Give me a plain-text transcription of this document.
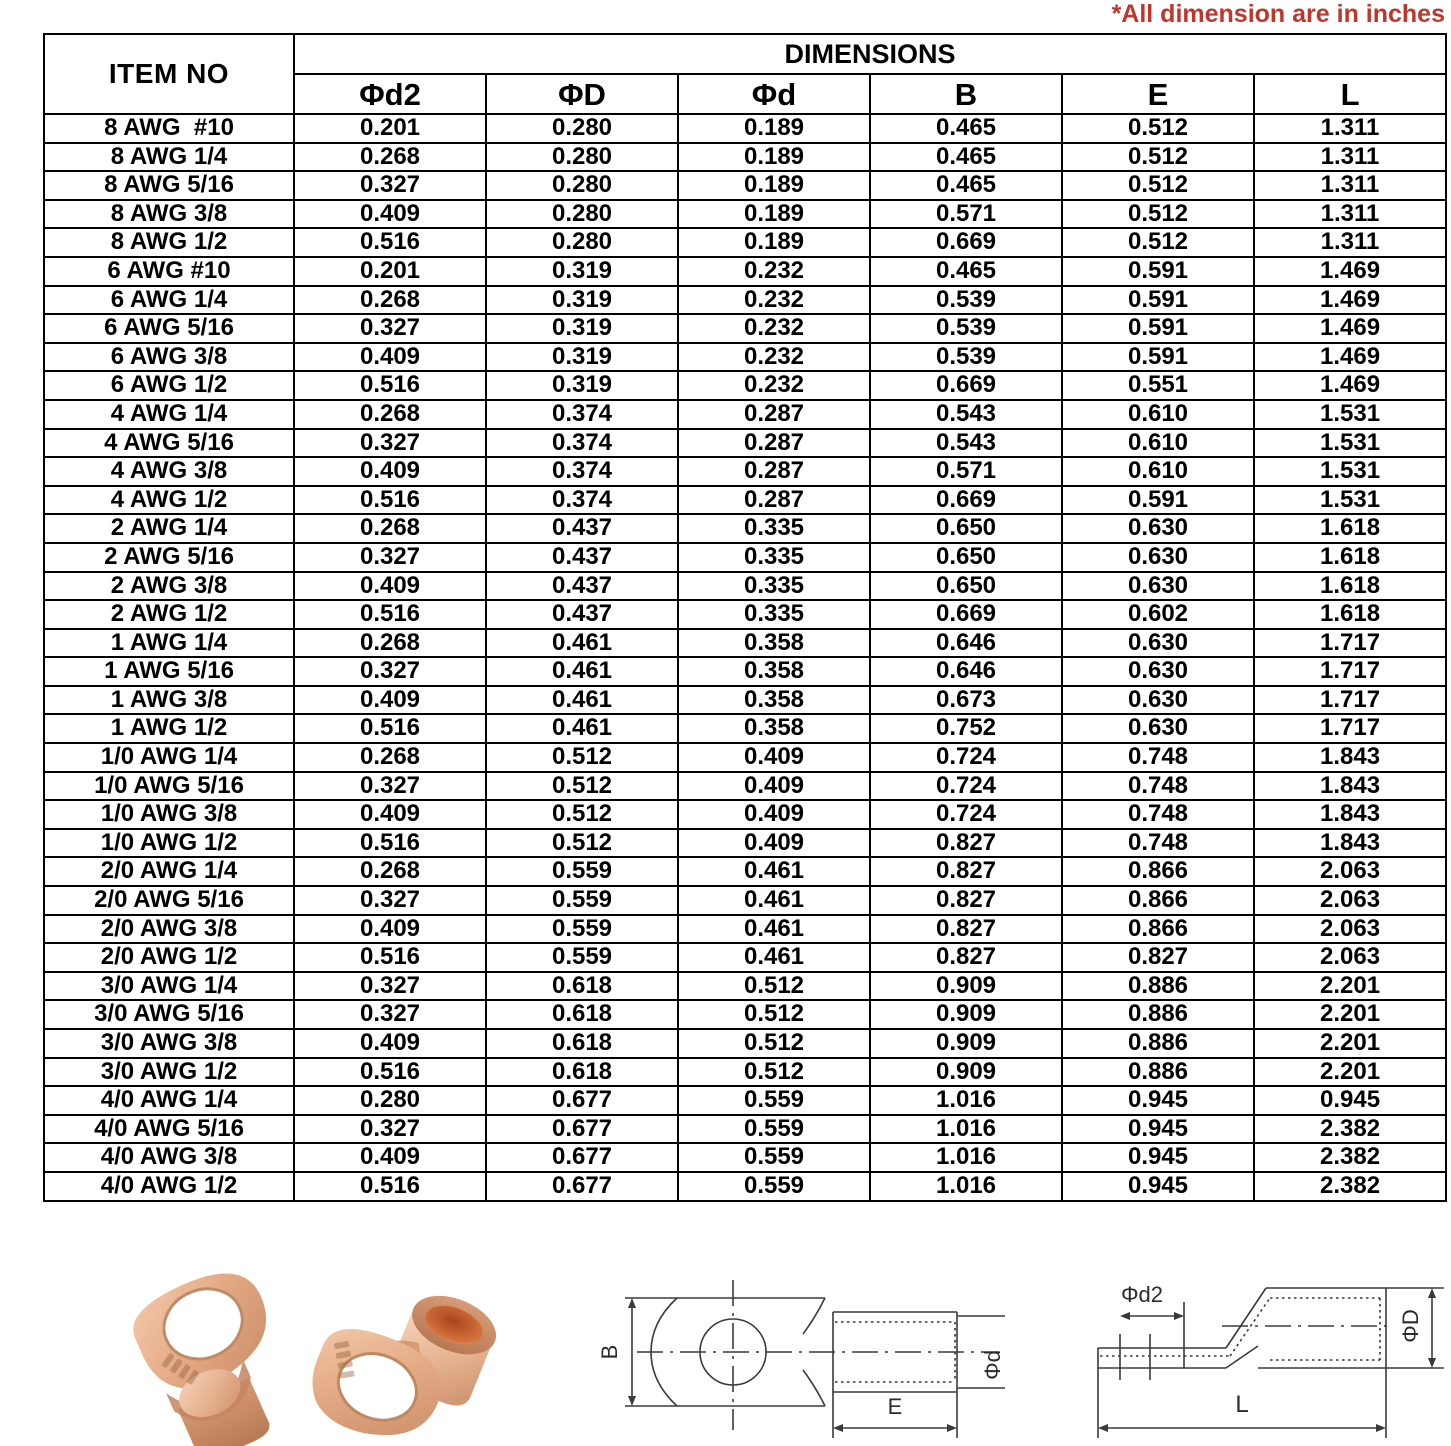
*All dimension are in inches
ITEM NO	DIMENSIONS					
	Φd2	ΦD	Φd	B	E	L
8 AWG  #10	0.201	0.280	0.189	0.465	0.512	1.311
8 AWG 1/4	0.268	0.280	0.189	0.465	0.512	1.311
8 AWG 5/16	0.327	0.280	0.189	0.465	0.512	1.311
8 AWG 3/8	0.409	0.280	0.189	0.571	0.512	1.311
8 AWG 1/2	0.516	0.280	0.189	0.669	0.512	1.311
6 AWG #10	0.201	0.319	0.232	0.465	0.591	1.469
6 AWG 1/4	0.268	0.319	0.232	0.539	0.591	1.469
6 AWG 5/16	0.327	0.319	0.232	0.539	0.591	1.469
6 AWG 3/8	0.409	0.319	0.232	0.539	0.591	1.469
6 AWG 1/2	0.516	0.319	0.232	0.669	0.551	1.469
4 AWG 1/4	0.268	0.374	0.287	0.543	0.610	1.531
4 AWG 5/16	0.327	0.374	0.287	0.543	0.610	1.531
4 AWG 3/8	0.409	0.374	0.287	0.571	0.610	1.531
4 AWG 1/2	0.516	0.374	0.287	0.669	0.591	1.531
2 AWG 1/4	0.268	0.437	0.335	0.650	0.630	1.618
2 AWG 5/16	0.327	0.437	0.335	0.650	0.630	1.618
2 AWG 3/8	0.409	0.437	0.335	0.650	0.630	1.618
2 AWG 1/2	0.516	0.437	0.335	0.669	0.602	1.618
1 AWG 1/4	0.268	0.461	0.358	0.646	0.630	1.717
1 AWG 5/16	0.327	0.461	0.358	0.646	0.630	1.717
1 AWG 3/8	0.409	0.461	0.358	0.673	0.630	1.717
1 AWG 1/2	0.516	0.461	0.358	0.752	0.630	1.717
1/0 AWG 1/4	0.268	0.512	0.409	0.724	0.748	1.843
1/0 AWG 5/16	0.327	0.512	0.409	0.724	0.748	1.843
1/0 AWG 3/8	0.409	0.512	0.409	0.724	0.748	1.843
1/0 AWG 1/2	0.516	0.512	0.409	0.827	0.748	1.843
2/0 AWG 1/4	0.268	0.559	0.461	0.827	0.866	2.063
2/0 AWG 5/16	0.327	0.559	0.461	0.827	0.866	2.063
2/0 AWG 3/8	0.409	0.559	0.461	0.827	0.866	2.063
2/0 AWG 1/2	0.516	0.559	0.461	0.827	0.827	2.063
3/0 AWG 1/4	0.327	0.618	0.512	0.909	0.886	2.201
3/0 AWG 5/16	0.327	0.618	0.512	0.909	0.886	2.201
3/0 AWG 3/8	0.409	0.618	0.512	0.909	0.886	2.201
3/0 AWG 1/2	0.516	0.618	0.512	0.909	0.886	2.201
4/0 AWG 1/4	0.280	0.677	0.559	1.016	0.945	0.945
4/0 AWG 5/16	0.327	0.677	0.559	1.016	0.945	2.382
4/0 AWG 3/8	0.409	0.677	0.559	1.016	0.945	2.382
4/0 AWG 1/2	0.516	0.677	0.559	1.016	0.945	2.382
B
E
Φd2
L
ΦD
Φd
